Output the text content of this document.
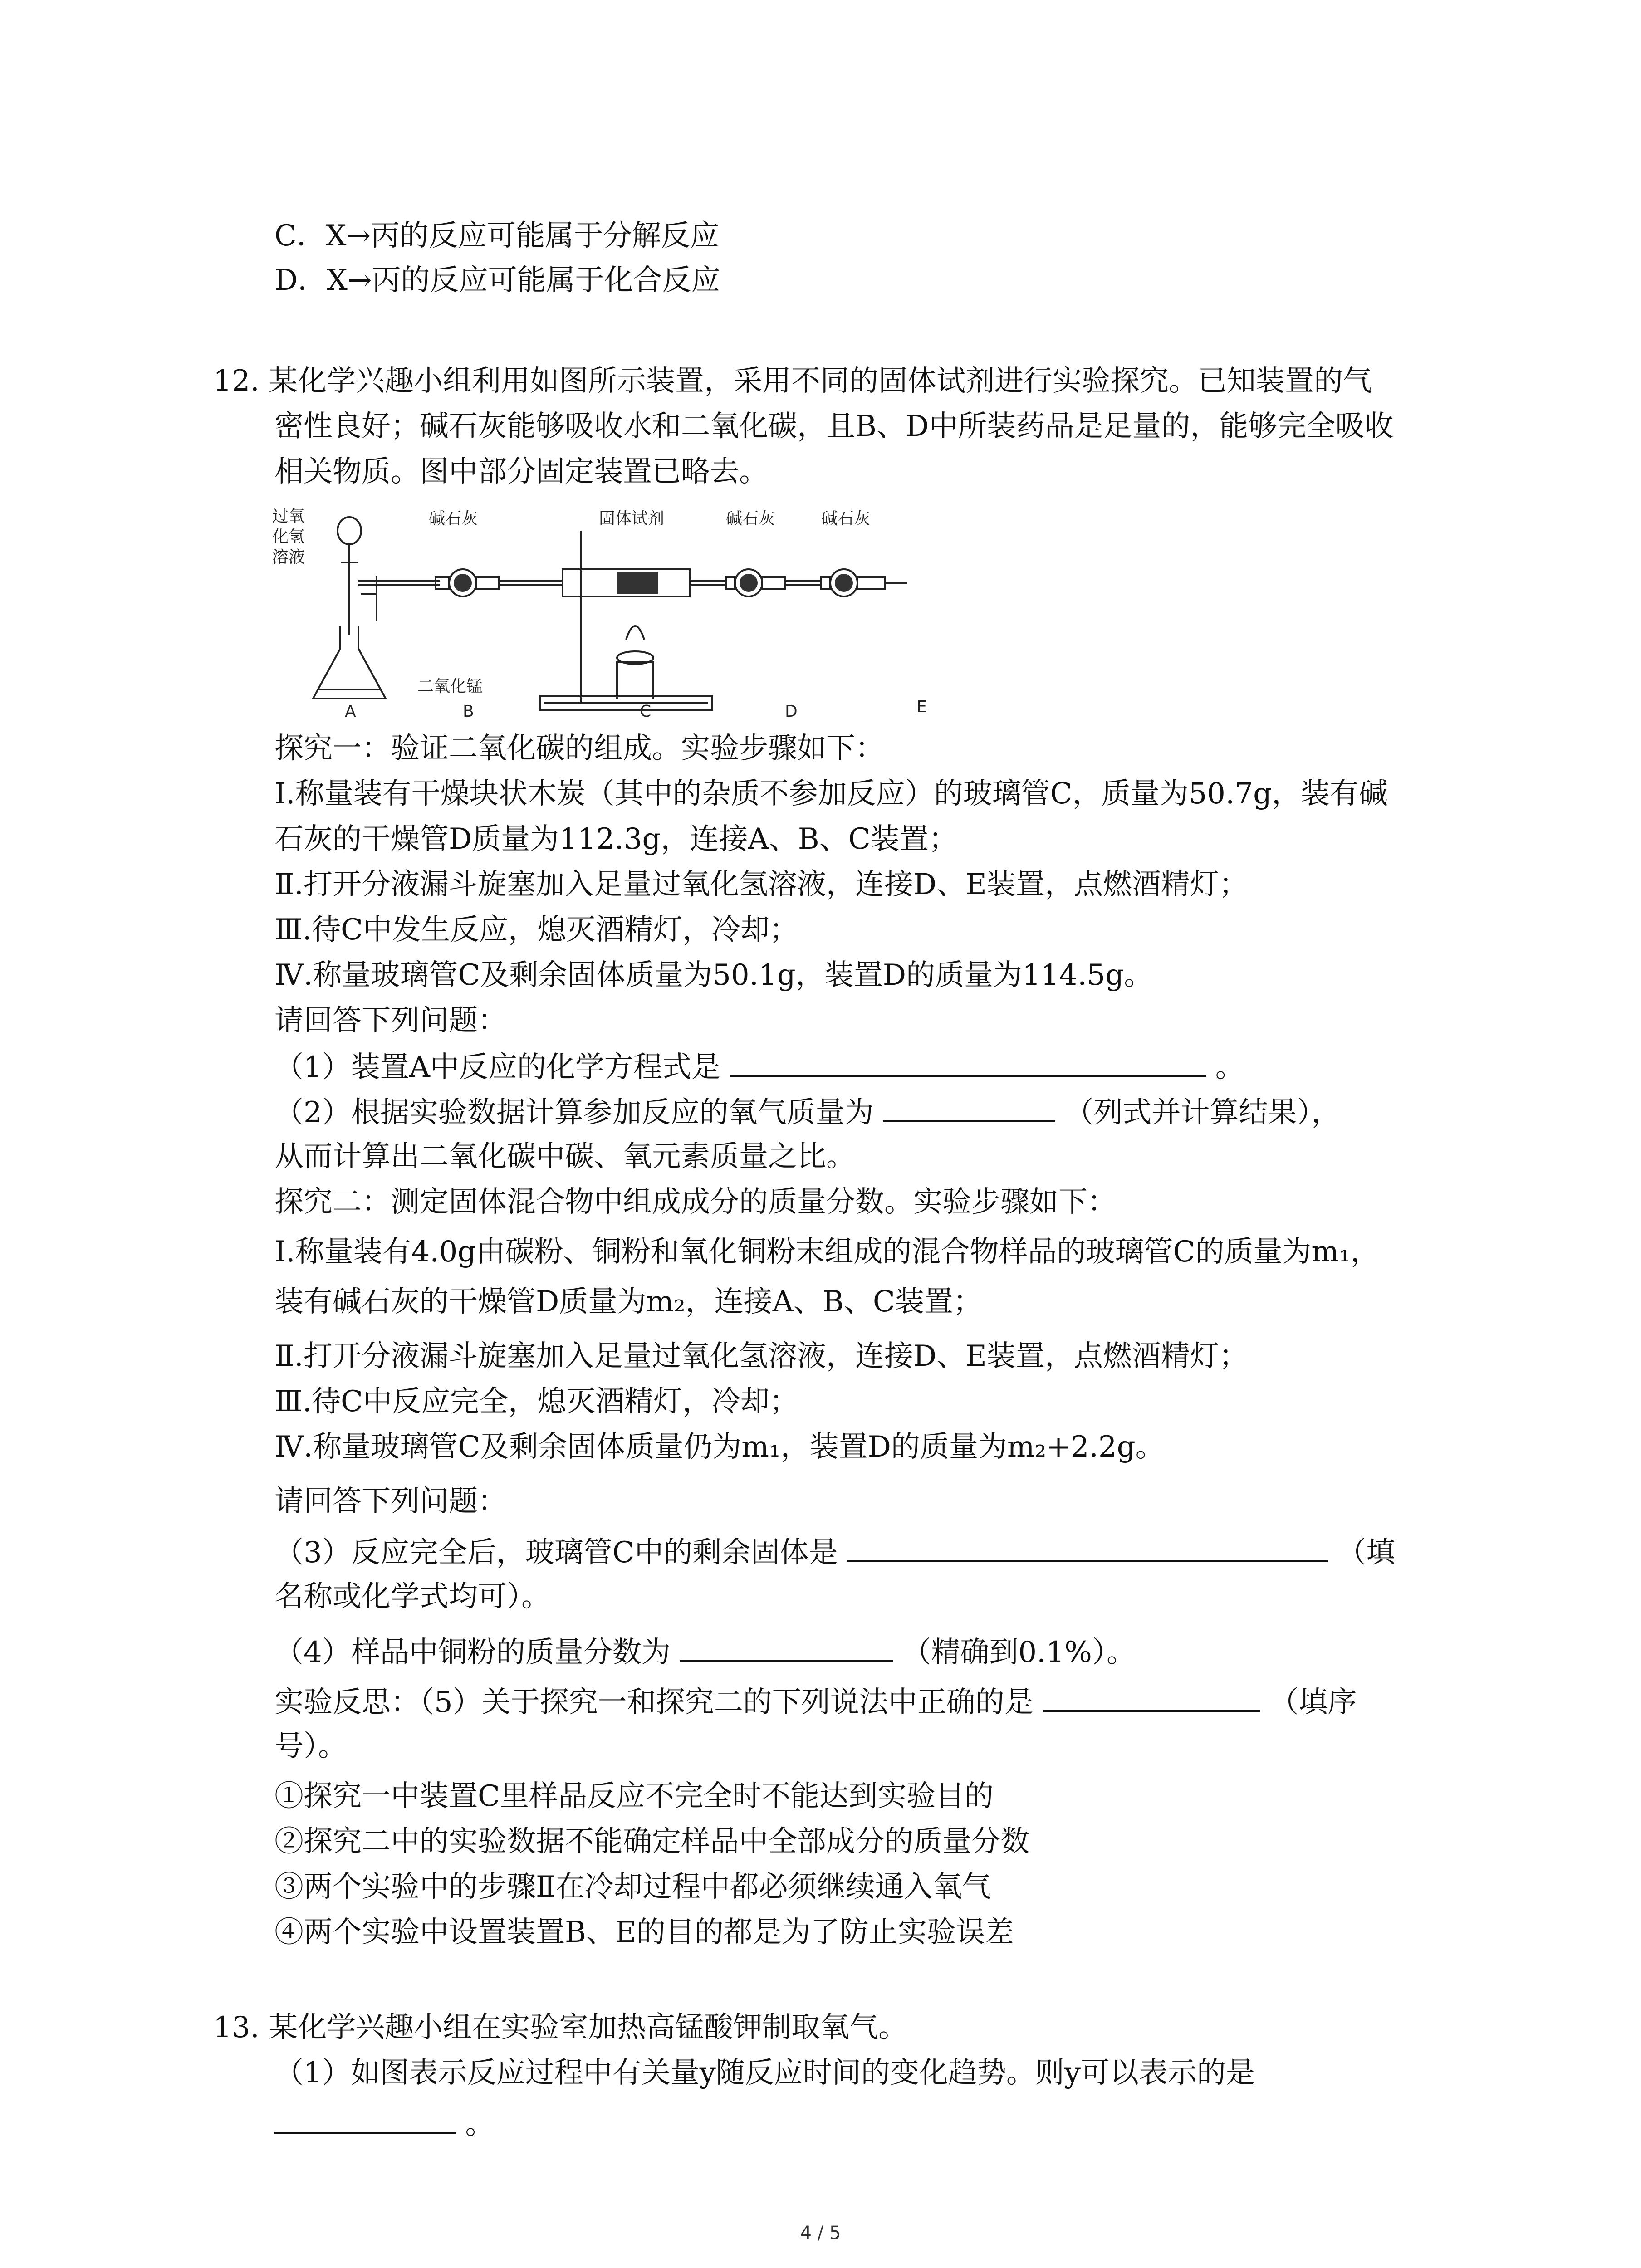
C．X→丙的反应可能属于分解反应
D．X→丙的反应可能属于化合反应
12. 某化学兴趣小组利用如图所示装置，采用不同的固体试剂进行实验探究。已知装置的气
密性良好；碱石灰能够吸收水和二氧化碳，且B、D中所装药品是足量的，能够完全吸收
相关物质。图中部分固定装置已略去。
过氧
化氢
溶液
碱石灰	固体试剂	碱石灰	碱石灰
二氧化锰
A	B	C	D	E
探究一：验证二氧化碳的组成。实验步骤如下：
Ⅰ.称量装有干燥块状木炭（其中的杂质不参加反应）的玻璃管C，质量为50.7g，装有碱
石灰的干燥管D质量为112.3g，连接A、B、C装置；
Ⅱ.打开分液漏斗旋塞加入足量过氧化氢溶液，连接D、E装置，点燃酒精灯；
Ⅲ.待C中发生反应，熄灭酒精灯，冷却；
Ⅳ.称量玻璃管C及剩余固体质量为50.1g，装置D的质量为114.5g。
请回答下列问题：
（1）装置A中反应的化学方程式是	。
（2）根据实验数据计算参加反应的氧气质量为	（列式并计算结果），
从而计算出二氧化碳中碳、氧元素质量之比。
探究二：测定固体混合物中组成成分的质量分数。实验步骤如下：
Ⅰ.称量装有4.0g由碳粉、铜粉和氧化铜粉末组成的混合物样品的玻璃管C的质量为m₁，
装有碱石灰的干燥管D质量为m₂，连接A、B、C装置；
Ⅱ.打开分液漏斗旋塞加入足量过氧化氢溶液，连接D、E装置，点燃酒精灯；
Ⅲ.待C中反应完全，熄灭酒精灯，冷却；
Ⅳ.称量玻璃管C及剩余固体质量仍为m₁，装置D的质量为m₂+2.2g。
请回答下列问题：
（3）反应完全后，玻璃管C中的剩余固体是	（填
名称或化学式均可）。
（4）样品中铜粉的质量分数为	（精确到0.1%）。
实验反思：（5）关于探究一和探究二的下列说法中正确的是	（填序
号）。
①探究一中装置C里样品反应不完全时不能达到实验目的
②探究二中的实验数据不能确定样品中全部成分的质量分数
③两个实验中的步骤Ⅱ在冷却过程中都必须继续通入氧气
④两个实验中设置装置B、E的目的都是为了防止实验误差
13. 某化学兴趣小组在实验室加热高锰酸钾制取氧气。
（1）如图表示反应过程中有关量y随反应时间的变化趋势。则y可以表示的是
。
4 / 5
